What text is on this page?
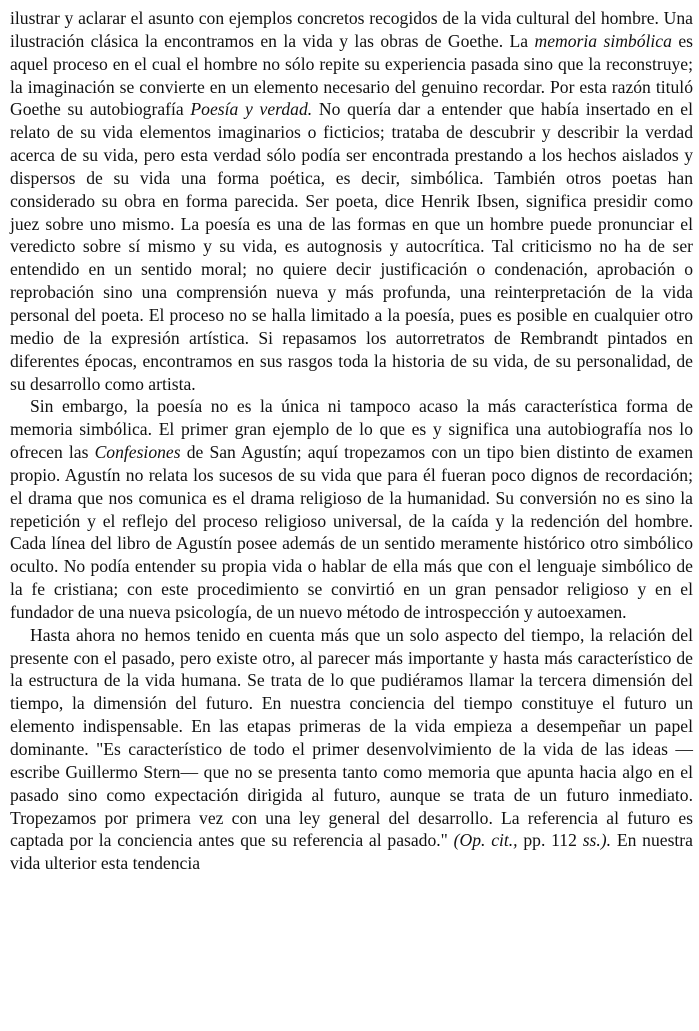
ilustrar y aclarar el asunto con ejemplos concretos recogidos de la vida cultural del hombre. Una ilustración clásica la encontramos en la vida y las obras de Goethe. La memoria simbólica es aquel proceso en el cual el hombre no sólo repite su experiencia pasada sino que la reconstruye; la imaginación se convierte en un elemento necesario del genuino recordar. Por esta razón tituló Goethe su autobiografía Poesía y verdad. No quería dar a entender que había insertado en el relato de su vida elementos imaginarios o ficticios; trataba de descubrir y describir la verdad acerca de su vida, pero esta verdad sólo podía ser encontrada prestando a los hechos aislados y dispersos de su vida una forma poética, es decir, simbólica. También otros poetas han considerado su obra en forma parecida. Ser poeta, dice Henrik Ibsen, significa presidir como juez sobre uno mismo. La poesía es una de las formas en que un hombre puede pronunciar el veredicto sobre sí mismo y su vida, es autognosis y autocrítica. Tal criticismo no ha de ser entendido en un sentido moral; no quiere decir justificación o condenación, aprobación o reprobación sino una comprensión nueva y más profunda, una reinterpretación de la vida personal del poeta. El proceso no se halla limitado a la poesía, pues es posible en cualquier otro medio de la expresión artística. Si repasamos los autorretratos de Rembrandt pintados en diferentes épocas, encontramos en sus rasgos toda la historia de su vida, de su personalidad, de su desarrollo como artista.

Sin embargo, la poesía no es la única ni tampoco acaso la más característica forma de memoria simbólica. El primer gran ejemplo de lo que es y significa una autobiografía nos lo ofrecen las Confesiones de San Agustín; aquí tropezamos con un tipo bien distinto de examen propio. Agustín no relata los sucesos de su vida que para él fueran poco dignos de recordación; el drama que nos comunica es el drama religioso de la humanidad. Su conversión no es sino la repetición y el reflejo del proceso religioso universal, de la caída y la redención del hombre. Cada línea del libro de Agustín posee además de un sentido meramente histórico otro simbólico oculto. No podía entender su propia vida o hablar de ella más que con el lenguaje simbólico de la fe cristiana; con este procedimiento se convirtió en un gran pensador religioso y en el fundador de una nueva psicología, de un nuevo método de introspección y autoexamen.

Hasta ahora no hemos tenido en cuenta más que un solo aspecto del tiempo, la relación del presente con el pasado, pero existe otro, al parecer más importante y hasta más característico de la estructura de la vida humana. Se trata de lo que pudiéramos llamar la tercera dimensión del tiempo, la dimensión del futuro. En nuestra conciencia del tiempo constituye el futuro un elemento indispensable. En las etapas primeras de la vida empieza a desempeñar un papel dominante. "Es característico de todo el primer desenvolvimiento de la vida de las ideas —escribe Guillermo Stern— que no se presenta tanto como memoria que apunta hacia algo en el pasado sino como expectación dirigida al futuro, aunque se trata de un futuro inmediato. Tropezamos por primera vez con una ley general del desarrollo. La referencia al futuro es captada por la conciencia antes que su referencia al pasado." (Op. cit., pp. 112 ss.). En nuestra vida ulterior esta tendencia
